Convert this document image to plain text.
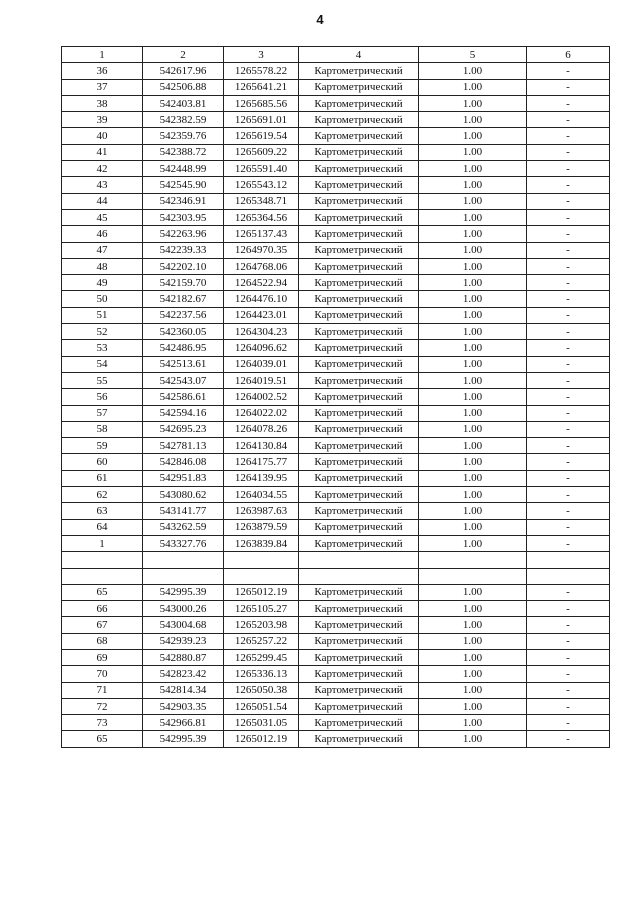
4
1	2	3	4	5	6
36	542617.96	1265578.22	Картометрический	1.00	-
37	542506.88	1265641.21	Картометрический	1.00	-
38	542403.81	1265685.56	Картометрический	1.00	-
39	542382.59	1265691.01	Картометрический	1.00	-
40	542359.76	1265619.54	Картометрический	1.00	-
41	542388.72	1265609.22	Картометрический	1.00	-
42	542448.99	1265591.40	Картометрический	1.00	-
43	542545.90	1265543.12	Картометрический	1.00	-
44	542346.91	1265348.71	Картометрический	1.00	-
45	542303.95	1265364.56	Картометрический	1.00	-
46	542263.96	1265137.43	Картометрический	1.00	-
47	542239.33	1264970.35	Картометрический	1.00	-
48	542202.10	1264768.06	Картометрический	1.00	-
49	542159.70	1264522.94	Картометрический	1.00	-
50	542182.67	1264476.10	Картометрический	1.00	-
51	542237.56	1264423.01	Картометрический	1.00	-
52	542360.05	1264304.23	Картометрический	1.00	-
53	542486.95	1264096.62	Картометрический	1.00	-
54	542513.61	1264039.01	Картометрический	1.00	-
55	542543.07	1264019.51	Картометрический	1.00	-
56	542586.61	1264002.52	Картометрический	1.00	-
57	542594.16	1264022.02	Картометрический	1.00	-
58	542695.23	1264078.26	Картометрический	1.00	-
59	542781.13	1264130.84	Картометрический	1.00	-
60	542846.08	1264175.77	Картометрический	1.00	-
61	542951.83	1264139.95	Картометрический	1.00	-
62	543080.62	1264034.55	Картометрический	1.00	-
63	543141.77	1263987.63	Картометрический	1.00	-
64	543262.59	1263879.59	Картометрический	1.00	-
1	543327.76	1263839.84	Картометрический	1.00	-

65	542995.39	1265012.19	Картометрический	1.00	-
66	543000.26	1265105.27	Картометрический	1.00	-
67	543004.68	1265203.98	Картометрический	1.00	-
68	542939.23	1265257.22	Картометрический	1.00	-
69	542880.87	1265299.45	Картометрический	1.00	-
70	542823.42	1265336.13	Картометрический	1.00	-
71	542814.34	1265050.38	Картометрический	1.00	-
72	542903.35	1265051.54	Картометрический	1.00	-
73	542966.81	1265031.05	Картометрический	1.00	-
65	542995.39	1265012.19	Картометрический	1.00	-
